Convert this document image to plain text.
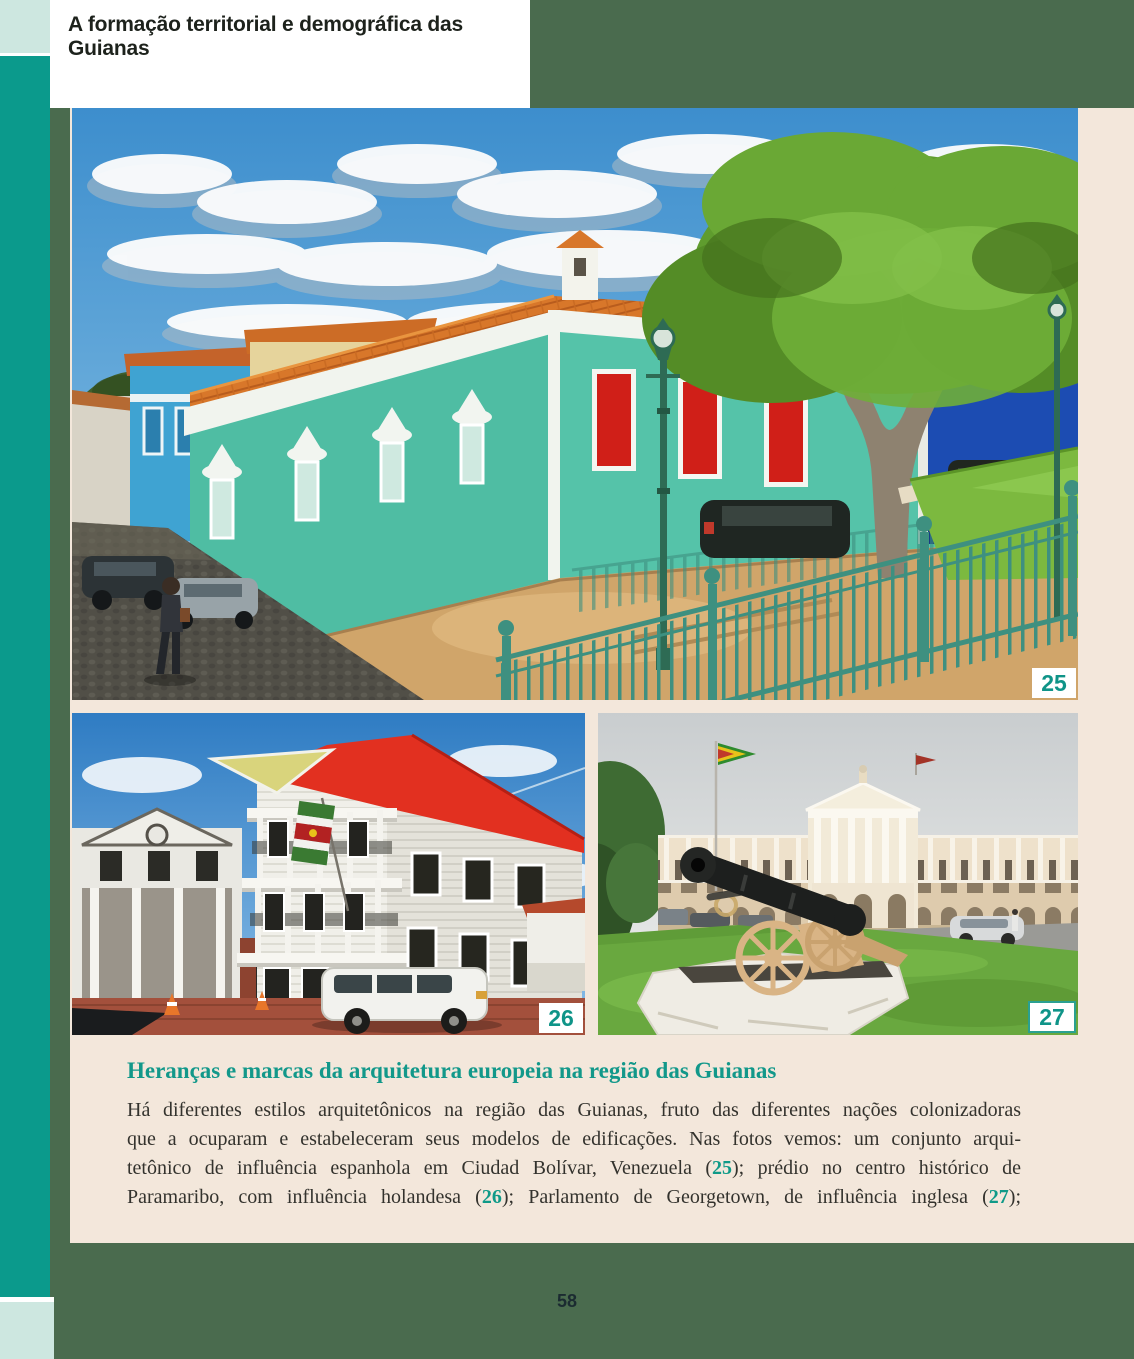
A formação territorial e demográfica das Guianas
25
26	27
Heranças e marcas da arquitetura europeia na região das Guianas
Há diferentes estilos arquitetônicos na região das Guianas, fruto das diferentes nações colonizadoras
que a ocuparam e estabeleceram seus modelos de edificações. Nas fotos vemos: um conjunto arqui-
tetônico de influência espanhola em Ciudad Bolívar, Venezuela (25); prédio no centro histórico de
Paramaribo, com influência holandesa (26); Parlamento de Georgetown, de influência inglesa (27);
58
